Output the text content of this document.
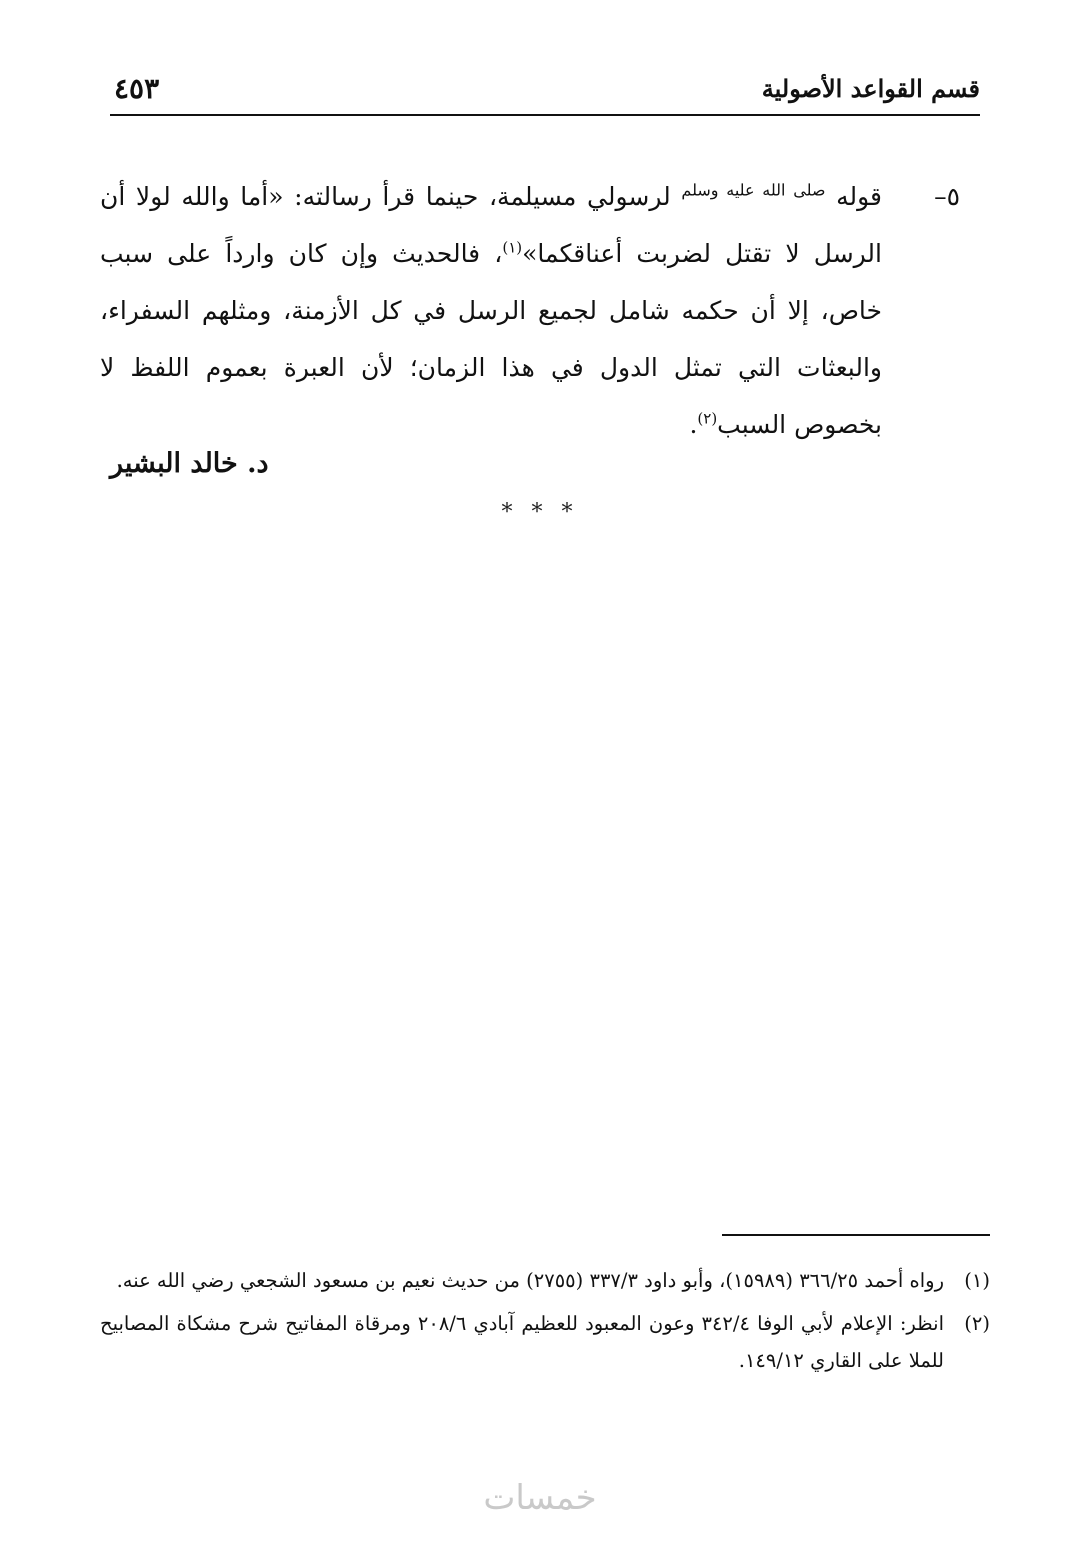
قسم القواعد الأصولية
٤٥٣
٥–

قوله $^{صلى الله عليه وسلم}$ لرسولي مسيلمة، حينما قرأ رسالته: «أما والله لولا أن الرسل لا تقتل لضربت أعناقكما»$^{(١)}$، فالحديث وإن كان وارداً على سبب خاص، إلا أن حكمه شامل لجميع الرسل في كل الأزمنة، ومثلهم السفراء، والبعثات التي تمثل الدول في هذا الزمان؛ لأن العبرة بعموم اللفظ لا بخصوص السبب$^{(٢)}$.

د. خالد البشير
* * *
(١)
رواه أحمد ٣٦٦/٢٥ (١٥٩٨٩)، وأبو داود ٣٣٧/٣ (٢٧٥٥) من حديث نعيم بن مسعود الشجعي رضي الله عنه.
(٢)
انظر: الإعلام لأبي الوفا ٣٤٢/٤ وعون المعبود للعظيم آبادي ٢٠٨/٦ ومرقاة المفاتيح شرح مشكاة المصابيح للملا على القاري ١٤٩/١٢.
خمسات
